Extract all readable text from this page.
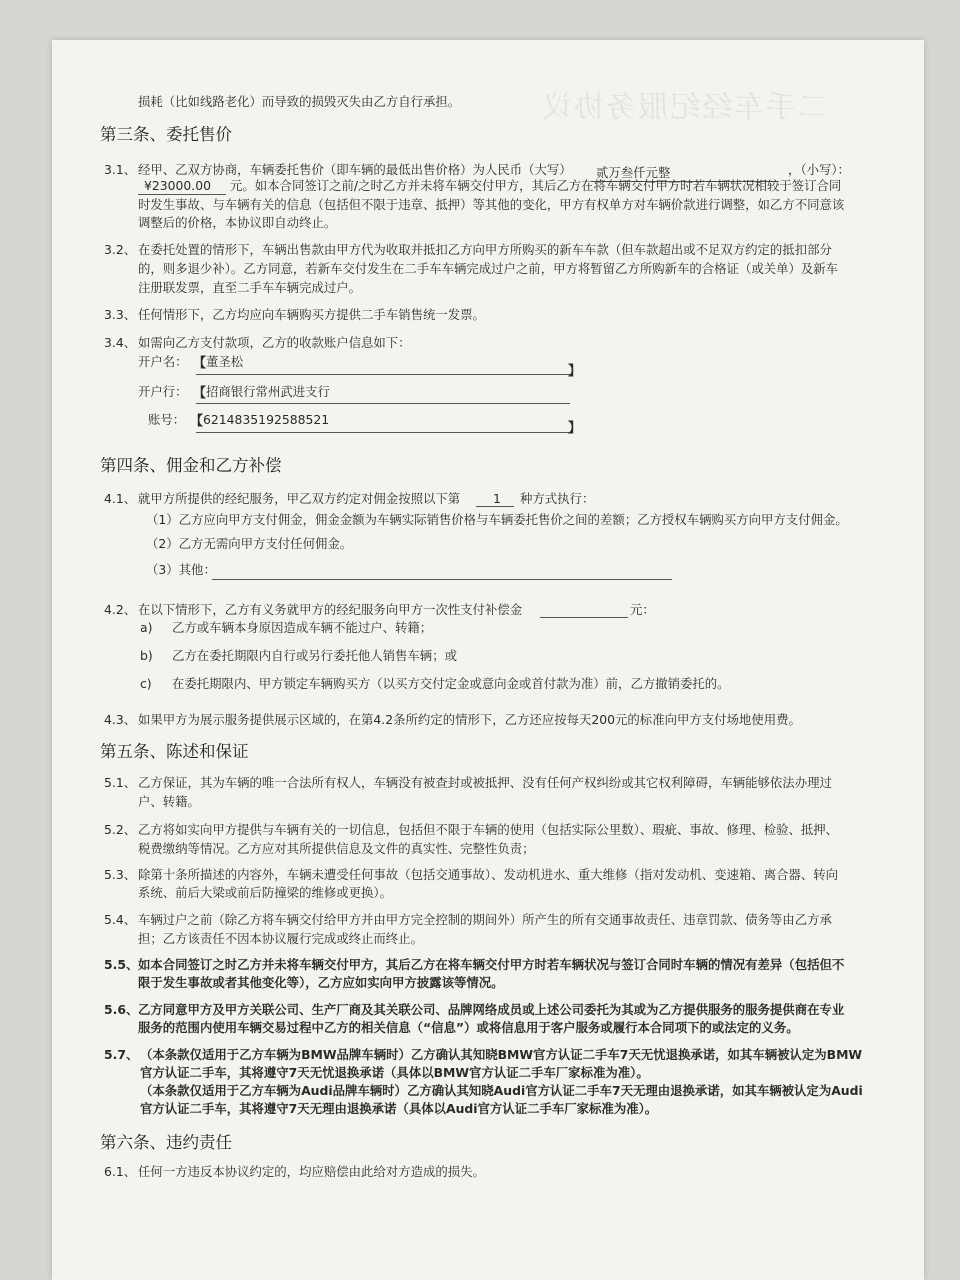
二手车经纪服务协议
损耗（比如线路老化）而导致的损毁灭失由乙方自行承担。
第三条、委托售价
3.1、 经甲、乙双方协商，车辆委托售价（即车辆的最低出售价格）为人民币（大写） 贰万叁仟元整	，（小写）：
¥23000.00 元。如本合同签订之前/之时乙方并未将车辆交付甲方，其后乙方在将车辆交付甲方时若车辆状况相较于签订合同
时发生事故、与车辆有关的信息（包括但不限于违章、抵押）等其他的变化，甲方有权单方对车辆价款进行调整，如乙方不同意该
调整后的价格，本协议即自动终止。
3.2、 在委托处置的情形下，车辆出售款由甲方代为收取并抵扣乙方向甲方所购买的新车车款（但车款超出或不足双方约定的抵扣部分
的，则多退少补）。乙方同意，若新车交付发生在二手车车辆完成过户之前，甲方将暂留乙方所购新车的合格证（或关单）及新车
注册联发票，直至二手车车辆完成过户。
3.3、 任何情形下，乙方均应向车辆购买方提供二手车销售统一发票。
3.4、 如需向乙方支付款项，乙方的收款账户信息如下：
开户名： 【 董圣松
】
开户行： 【 招商银行常州武进支行
账号： 【 6214835192588521
】
第四条、佣金和乙方补偿
4.1、 就甲方所提供的经纪服务，甲乙双方约定对佣金按照以下第	1 种方式执行：
（1）乙方应向甲方支付佣金，佣金金额为车辆实际销售价格与车辆委托售价之间的差额；乙方授权车辆购买方向甲方支付佣金。
（2）乙方无需向甲方支付任何佣金。
（3）其他：
4.2、 在以下情形下，乙方有义务就甲方的经纪服务向甲方一次性支付补偿金	元：
a) 乙方或车辆本身原因造成车辆不能过户、转籍；
b) 乙方在委托期限内自行或另行委托他人销售车辆；或
c) 在委托期限内、甲方锁定车辆购买方（以买方交付定金或意向金或首付款为准）前，乙方撤销委托的。
4.3、 如果甲方为展示服务提供展示区域的，在第4.2条所约定的情形下，乙方还应按每天200元的标准向甲方支付场地使用费。
第五条、陈述和保证
5.1、 乙方保证，其为车辆的唯一合法所有权人，车辆没有被查封或被抵押、没有任何产权纠纷或其它权利障碍，车辆能够依法办理过
户、转籍。
5.2、 乙方将如实向甲方提供与车辆有关的一切信息，包括但不限于车辆的使用（包括实际公里数）、瑕疵、事故、修理、检验、抵押、
税费缴纳等情况。乙方应对其所提供信息及文件的真实性、完整性负责；
5.3、 除第十条所描述的内容外，车辆未遭受任何事故（包括交通事故）、发动机进水、重大维修（指对发动机、变速箱、离合器、转向
系统、前后大梁或前后防撞梁的维修或更换）。
5.4、 车辆过户之前（除乙方将车辆交付给甲方并由甲方完全控制的期间外）所产生的所有交通事故责任、违章罚款、债务等由乙方承
担；乙方该责任不因本协议履行完成或终止而终止。
5.5、 如本合同签订之时乙方并未将车辆交付甲方，其后乙方在将车辆交付甲方时若车辆状况与签订合同时车辆的情况有差异（包括但不
限于发生事故或者其他变化等），乙方应如实向甲方披露该等情况。
5.6、 乙方同意甲方及甲方关联公司、生产厂商及其关联公司、品牌网络成员或上述公司委托为其或为乙方提供服务的服务提供商在专业
服务的范围内使用车辆交易过程中乙方的相关信息（“信息”）或将信息用于客户服务或履行本合同项下的或法定的义务。
5.7、 （本条款仅适用于乙方车辆为BMW品牌车辆时）乙方确认其知晓BMW官方认证二手车7天无忧退换承诺，如其车辆被认定为BMW
官方认证二手车，其将遵守7天无忧退换承诺（具体以BMW官方认证二手车厂家标准为准）。
（本条款仅适用于乙方车辆为Audi品牌车辆时）乙方确认其知晓Audi官方认证二手车7天无理由退换承诺，如其车辆被认定为Audi
官方认证二手车，其将遵守7天无理由退换承诺（具体以Audi官方认证二手车厂家标准为准）。
第六条、违约责任
6.1、 任何一方违反本协议约定的，均应赔偿由此给对方造成的损失。
